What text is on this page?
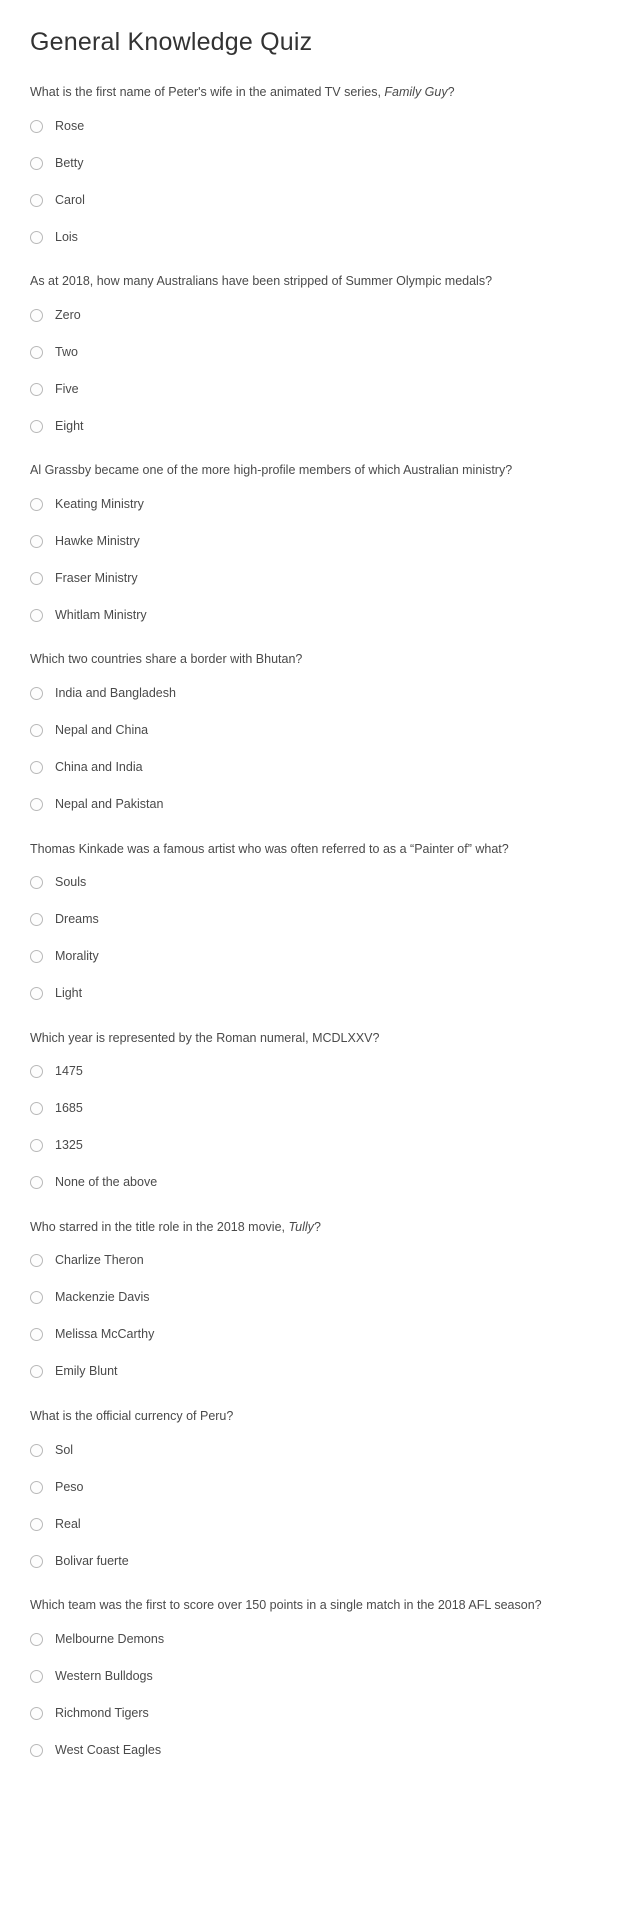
General Knowledge Quiz

What is the first name of Peter's wife in the animated TV series, Family Guy?

Rose
Betty
Carol
Lois

As at 2018, how many Australians have been stripped of Summer Olympic medals?

Zero
Two
Five
Eight

Al Grassby became one of the more high-profile members of which Australian ministry?

Keating Ministry
Hawke Ministry
Fraser Ministry
Whitlam Ministry

Which two countries share a border with Bhutan?

India and Bangladesh
Nepal and China
China and India
Nepal and Pakistan

Thomas Kinkade was a famous artist who was often referred to as a “Painter of” what?

Souls
Dreams
Morality
Light

Which year is represented by the Roman numeral, MCDLXXV?

1475
1685
1325
None of the above

Who starred in the title role in the 2018 movie, Tully?

Charlize Theron
Mackenzie Davis
Melissa McCarthy
Emily Blunt

What is the official currency of Peru?

Sol
Peso
Real
Bolivar fuerte

Which team was the first to score over 150 points in a single match in the 2018 AFL season?

Melbourne Demons
Western Bulldogs
Richmond Tigers
West Coast Eagles
